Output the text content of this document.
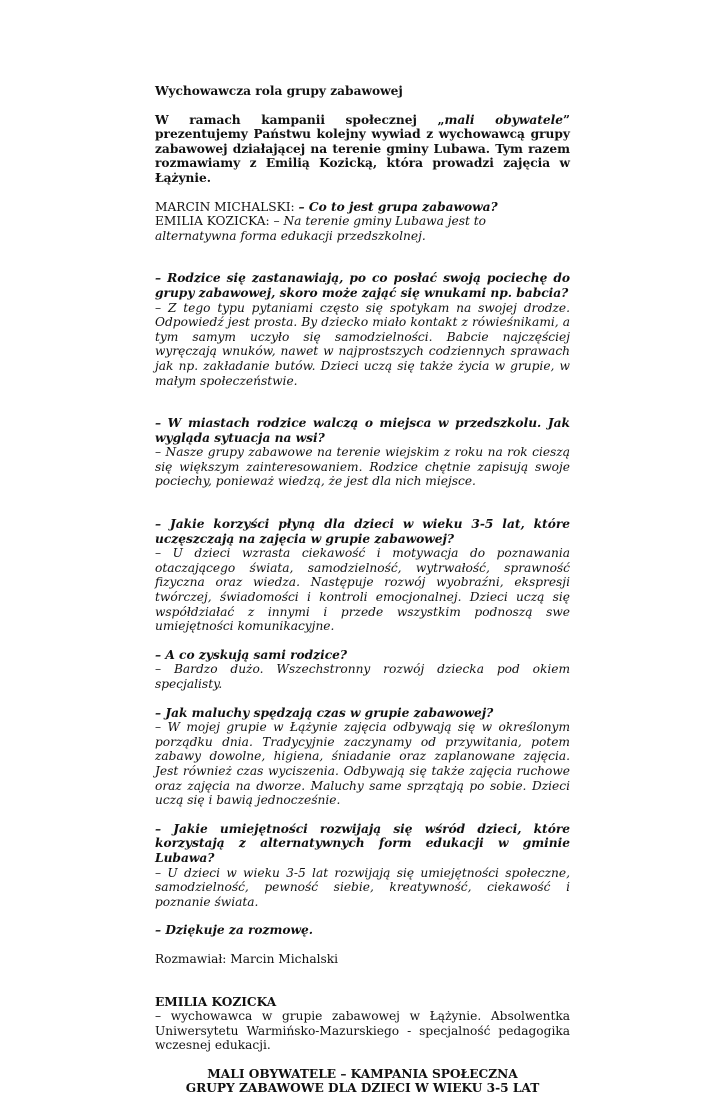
Wychowawcza rola grupy zabawowej

W ramach kampanii społecznej „mali obywatele” prezentujemy Państwu kolejny wywiad z wychowawcą grupy zabawowej działającej na terenie gminy Lubawa. Tym razem rozmawiamy z Emilią Kozicką, która prowadzi zajęcia w Łążynie.

MARCIN MICHALSKI: – Co to jest grupa zabawowa?

EMILIA KOZICKA: – Na terenie gminy Lubawa jest to alternatywna forma edukacji przedszkolnej.

– Rodzice się zastanawiają, po co posłać swoją pociechę do grupy zabawowej, skoro może zająć się wnukami np. babcia?

– Z tego typu pytaniami często się spotykam na swojej drodze. Odpowiedź jest prosta. By dziecko miało kontakt z rówieśnikami, a tym samym uczyło się samodzielności. Babcie najczęściej wyręczają wnuków, nawet w najprostszych codziennych sprawach jak np. zakładanie butów. Dzieci uczą się także życia w grupie, w małym społeczeństwie.

– W miastach rodzice walczą o miejsca w przedszkolu. Jak wygląda sytuacja na wsi?

– Nasze grupy zabawowe na terenie wiejskim z roku na rok cieszą się większym zainteresowaniem. Rodzice chętnie zapisują swoje pociechy, ponieważ wiedzą, że jest dla nich miejsce.

– Jakie korzyści płyną dla dzieci w wieku 3-5 lat, które uczęszczają na zajęcia w grupie zabawowej?

– U dzieci wzrasta ciekawość i motywacja do poznawania otaczającego świata, samodzielność, wytrwałość, sprawność fizyczna oraz wiedza. Następuje rozwój wyobraźni, ekspresji twórczej, świadomości i kontroli emocjonalnej. Dzieci uczą się współdziałać z innymi i przede wszystkim podnoszą swe umiejętności komunikacyjne.

– A co zyskują sami rodzice?

– Bardzo dużo. Wszechstronny rozwój dziecka pod okiem specjalisty.

– Jak maluchy spędzają czas w grupie zabawowej?

– W mojej grupie w Łążynie zajęcia odbywają się w określonym porządku dnia. Tradycyjnie zaczynamy od przywitania, potem zabawy dowolne, higiena, śniadanie oraz zaplanowane zajęcia. Jest również czas wyciszenia. Odbywają się także zajęcia ruchowe oraz zajęcia na dworze. Maluchy same sprzątają po sobie. Dzieci uczą się i bawią jednocześnie.

– Jakie umiejętności rozwijają się wśród dzieci, które korzystają z alternatywnych form edukacji w gminie Lubawa?

– U dzieci w wieku 3-5 lat rozwijają się umiejętności społeczne, samodzielność, pewność siebie, kreatywność, ciekawość i poznanie świata.

– Dziękuje za rozmowę.

Rozmawiał: Marcin Michalski

EMILIA KOZICKA

– wychowawca w grupie zabawowej w Łążynie. Absolwentka Uniwersytetu Warmińsko-Mazurskiego - specjalność pedagogika wczesnej edukacji.

MALI OBYWATELE – KAMPANIA SPOŁECZNA

GRUPY ZABAWOWE DLA DZIECI W WIEKU 3-5 LAT
